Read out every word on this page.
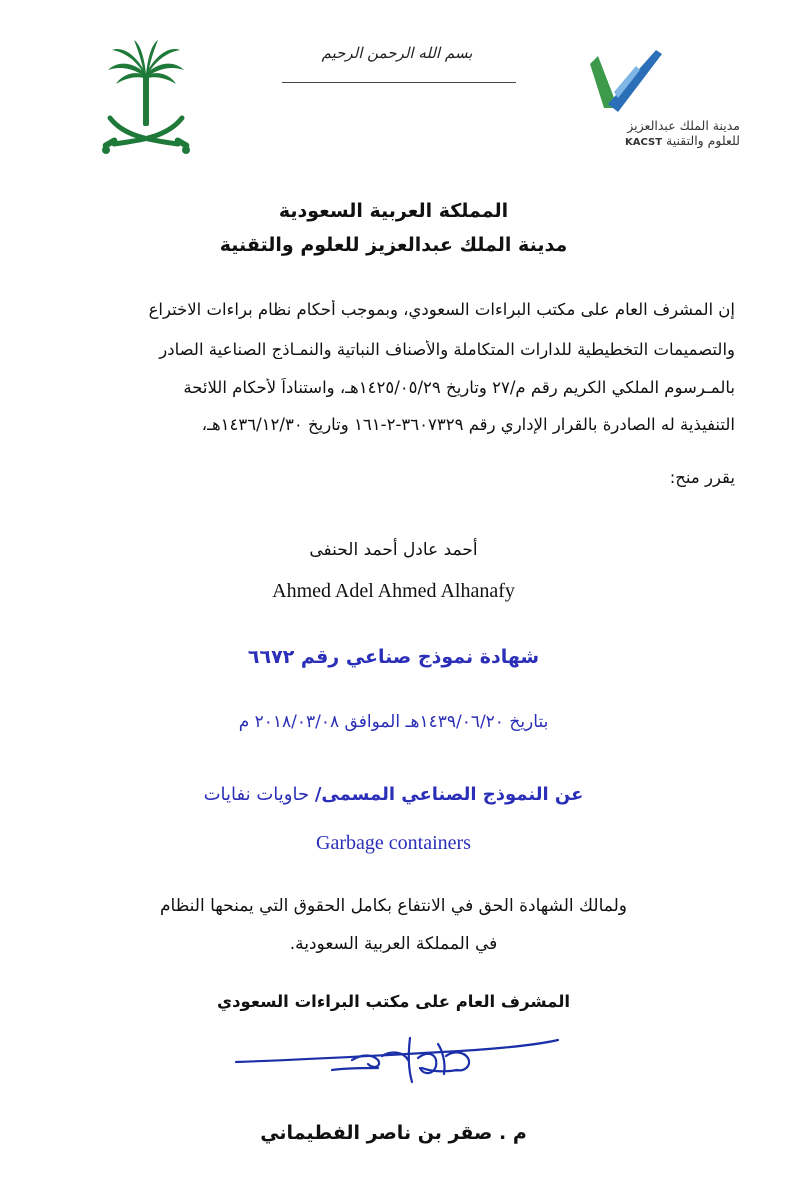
بسم الله الرحمن الرحيم
مدينة الملك عبدالعزيز
للعلوم والتقنية KACST
المملكة العربية السعودية
مدينة الملك عبدالعزيز للعلوم والتقنية
إن المشرف العام على مكتب البراءات السعودي، وبموجب أحكام نظام براءات الاختراع
والتصميمات التخطيطية للدارات المتكاملة والأصناف النباتية والنمـاذج الصناعية الصادر
بالمـرسوم الملكي الكريم رقم م/٢٧ وتاريخ ١٤٢٥/٠٥/٢٩هـ، واستناداً لأحكام اللائحة
التنفيذية له الصادرة بالقرار الإداري رقم ٣٦٠٧٣٢٩-٢-١٦١ وتاريخ ١٤٣٦/١٢/٣٠هـ،
يقرر منح:
أحمد عادل أحمد الحنفى
Ahmed Adel Ahmed Alhanafy
شهادة نموذج صناعي رقم ٦٦٧٢
بتاريخ ١٤٣٩/٠٦/٢٠هـ الموافق ٢٠١٨/٠٣/٠٨ م
عن النموذج الصناعي المسمى/ حاويات نفايات
Garbage containers
ولمالك الشهادة الحق في الانتفاع بكامل الحقوق التي يمنحها النظام
في المملكة العربية السعودية.
المشرف العام على مكتب البراءات السعودي
م . صقر بن ناصر الفطيماني
